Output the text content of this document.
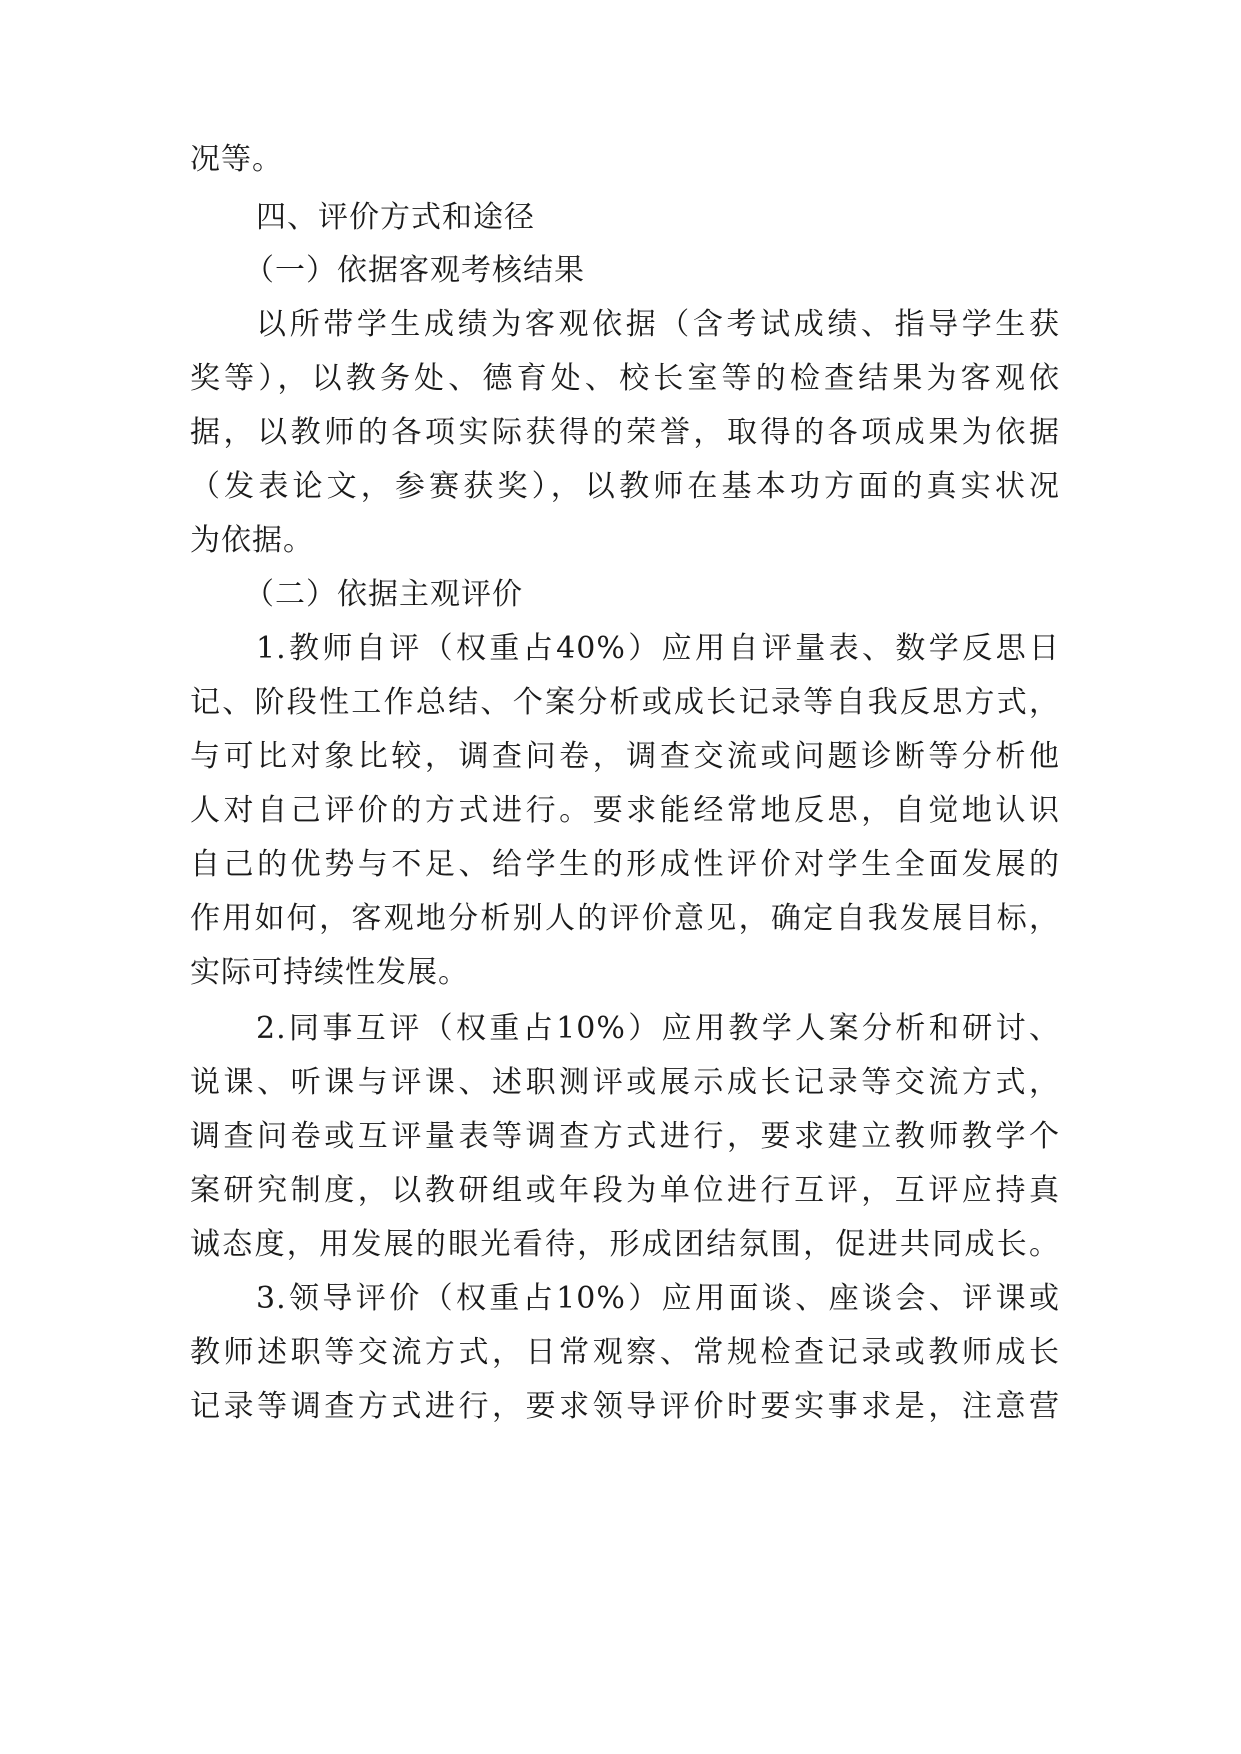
况等。
四、评价方式和途径
（一）依据客观考核结果
以所带学生成绩为客观依据（含考试成绩、指导学生获
奖等），以教务处、德育处、校长室等的检查结果为客观依
据，以教师的各项实际获得的荣誉，取得的各项成果为依据
（发表论文，参赛获奖），以教师在基本功方面的真实状况
为依据。
（二）依据主观评价
1.教师自评（权重占40%）应用自评量表、数学反思日
记、阶段性工作总结、个案分析或成长记录等自我反思方式，
与可比对象比较，调查问卷，调查交流或问题诊断等分析他
人对自己评价的方式进行。要求能经常地反思，自觉地认识
自己的优势与不足、给学生的形成性评价对学生全面发展的
作用如何，客观地分析别人的评价意见，确定自我发展目标，
实际可持续性发展。
2.同事互评（权重占10%）应用教学人案分析和研讨、
说课、听课与评课、述职测评或展示成长记录等交流方式，
调查问卷或互评量表等调查方式进行，要求建立教师教学个
案研究制度，以教研组或年段为单位进行互评，互评应持真
诚态度，用发展的眼光看待，形成团结氛围，促进共同成长。
3.领导评价（权重占10%）应用面谈、座谈会、评课或
教师述职等交流方式，日常观察、常规检查记录或教师成长
记录等调查方式进行，要求领导评价时要实事求是，注意营
